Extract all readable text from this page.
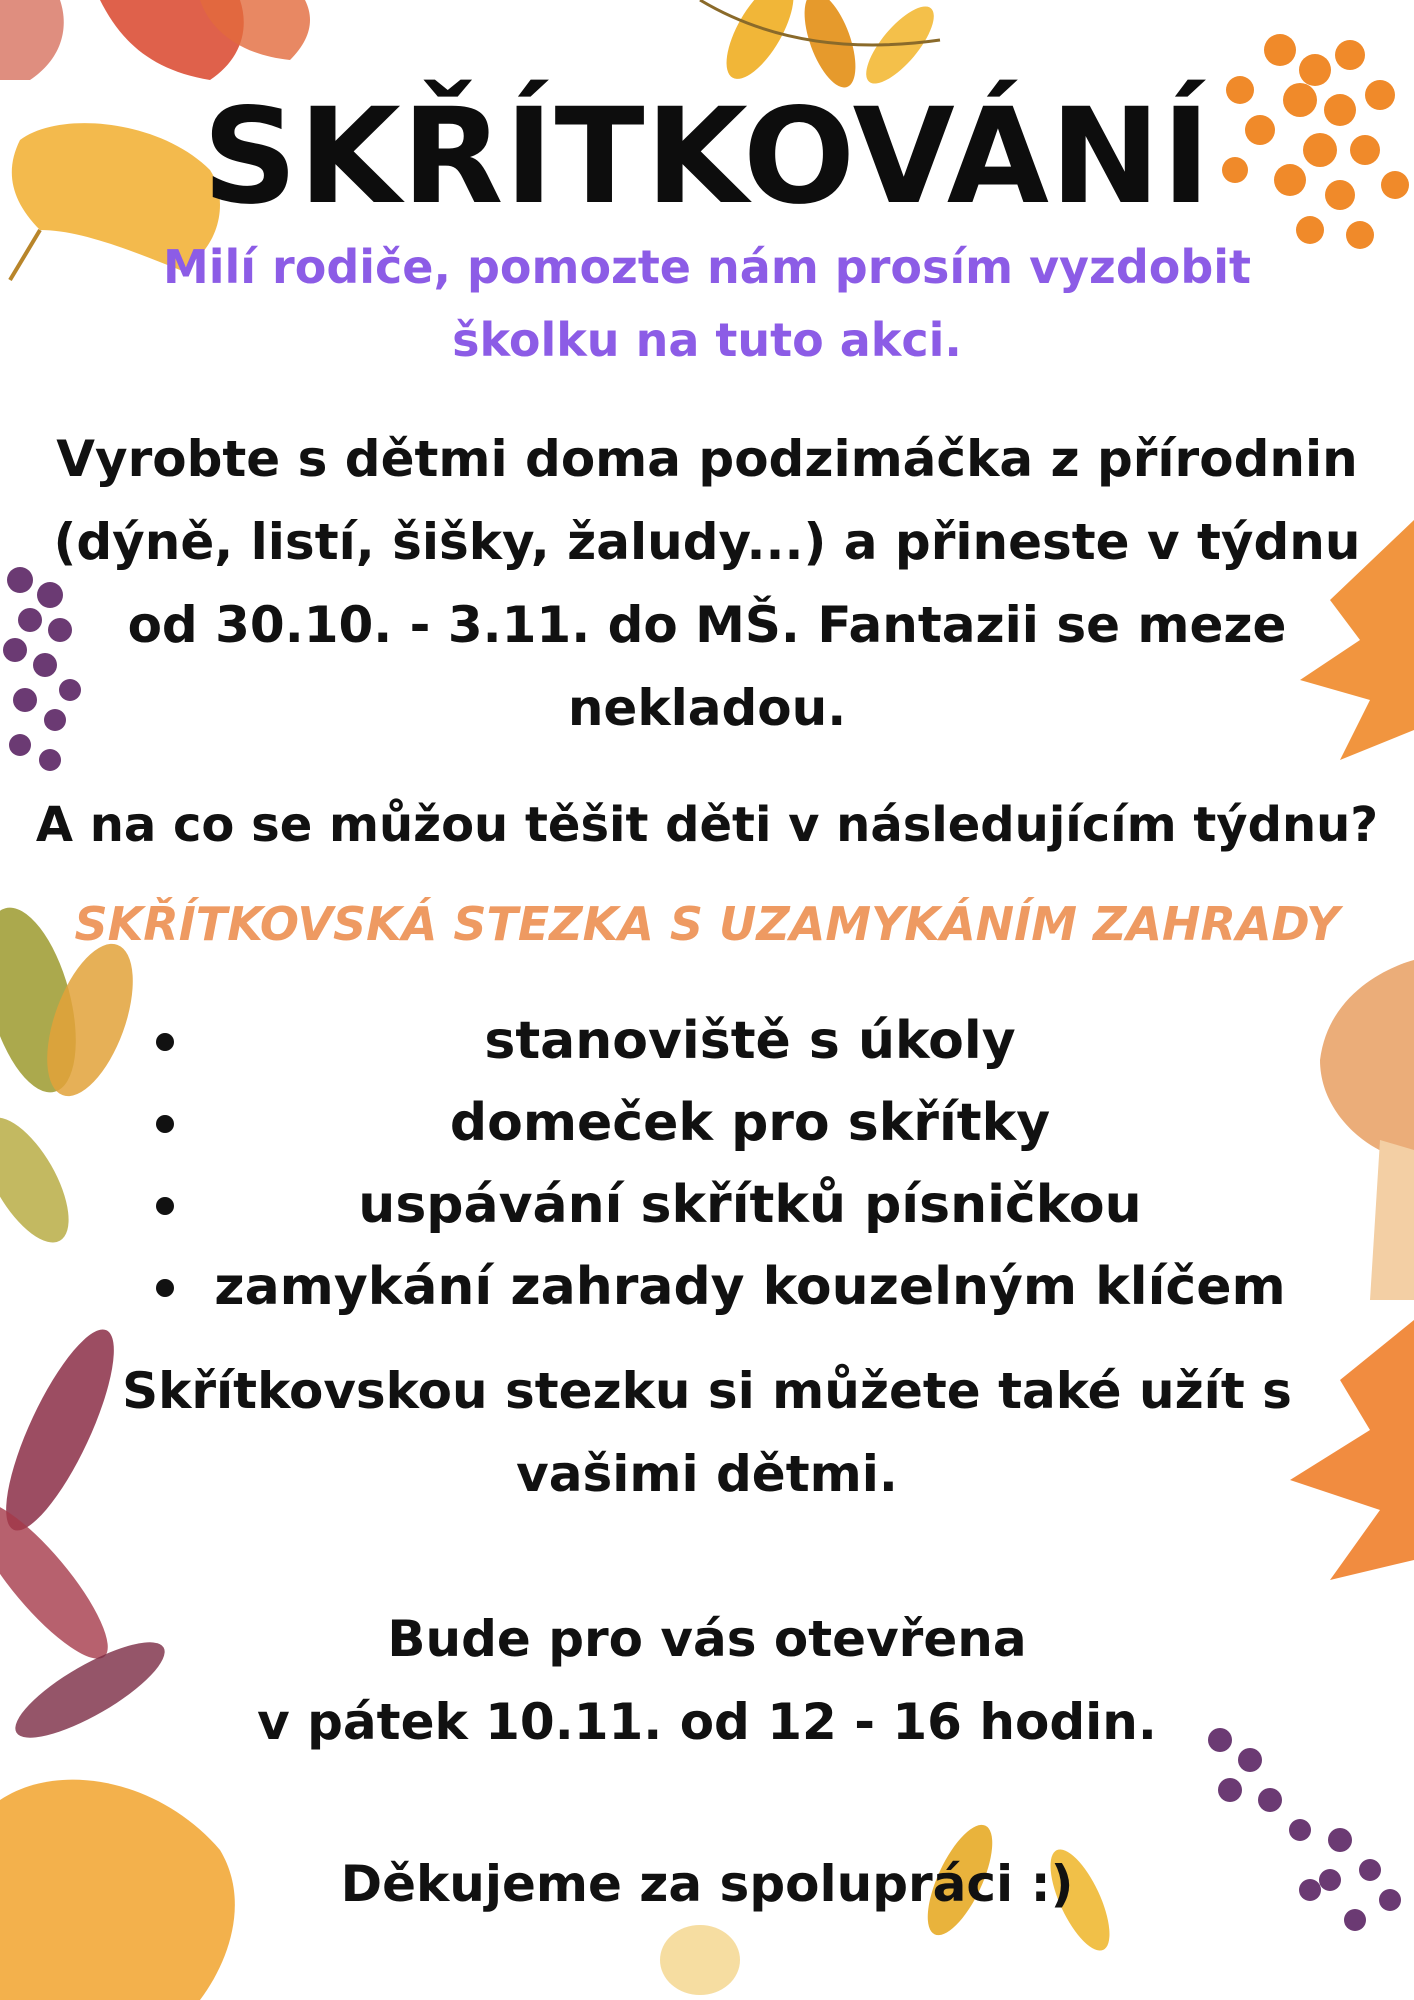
SKŘÍTKOVÁNÍ
Milí rodiče, pomozte nám prosím vyzdobit
školku na tuto akci.
Vyrobte s dětmi doma podzimáčka z přírodnin
(dýně, listí, šišky, žaludy...) a přineste v týdnu
od 30.10. - 3.11. do MŠ. Fantazii se meze
nekladou.
A na co se můžou těšit děti v následujícím týdnu?
SKŘÍTKOVSKÁ STEZKA S UZAMYKÁNÍM ZAHRADY
stanoviště s úkoly
domeček pro skřítky
uspávání skřítků písničkou
zamykání zahrady kouzelným klíčem
Skřítkovskou stezku si můžete také užít s
vašimi dětmi.
Bude pro vás otevřena
v pátek 10.11. od 12 - 16 hodin.
Děkujeme za spolupráci :)
